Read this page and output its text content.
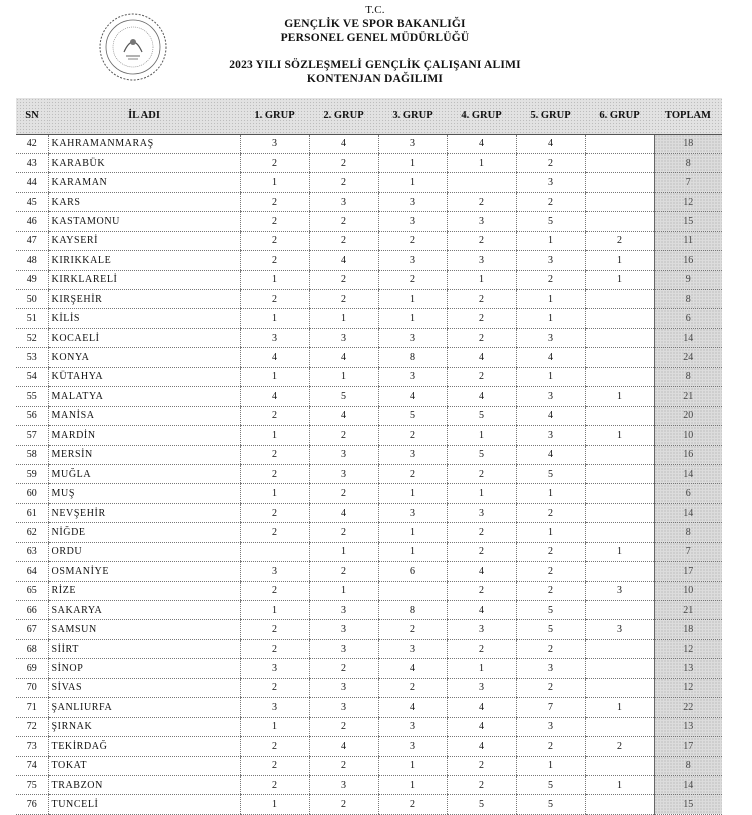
T.C.
GENÇLİK VE SPOR BAKANLIĞI
PERSONEL GENEL MÜDÜRLÜĞÜ
2023 YILI SÖZLEŞMELİ GENÇLİK ÇALIŞANI ALIMI
KONTENJAN DAĞILIMI
SN	İL ADI	1. GRUP	2. GRUP	3. GRUP	4. GRUP	5. GRUP	6. GRUP	TOPLAM
42	KAHRAMANMARAŞ	3	4	3	4	4		18
43	KARABÜK	2	2	1	1	2		8
44	KARAMAN	1	2	1		3		7
45	KARS	2	3	3	2	2		12
46	KASTAMONU	2	2	3	3	5		15
47	KAYSERİ	2	2	2	2	1	2	11
48	KIRIKKALE	2	4	3	3	3	1	16
49	KIRKLARELİ	1	2	2	1	2	1	9
50	KIRŞEHİR	2	2	1	2	1		8
51	KİLİS	1	1	1	2	1		6
52	KOCAELİ	3	3	3	2	3		14
53	KONYA	4	4	8	4	4		24
54	KÜTAHYA	1	1	3	2	1		8
55	MALATYA	4	5	4	4	3	1	21
56	MANİSA	2	4	5	5	4		20
57	MARDİN	1	2	2	1	3	1	10
58	MERSİN	2	3	3	5	4		16
59	MUĞLA	2	3	2	2	5		14
60	MUŞ	1	2	1	1	1		6
61	NEVŞEHİR	2	4	3	3	2		14
62	NİĞDE	2	2	1	2	1		8
63	ORDU		1	1	2	2	1	7
64	OSMANİYE	3	2	6	4	2		17
65	RİZE	2	1		2	2	3	10
66	SAKARYA	1	3	8	4	5		21
67	SAMSUN	2	3	2	3	5	3	18
68	SİİRT	2	3	3	2	2		12
69	SİNOP	3	2	4	1	3		13
70	SİVAS	2	3	2	3	2		12
71	ŞANLIURFA	3	3	4	4	7	1	22
72	ŞIRNAK	1	2	3	4	3		13
73	TEKİRDAĞ	2	4	3	4	2	2	17
74	TOKAT	2	2	1	2	1		8
75	TRABZON	2	3	1	2	5	1	14
76	TUNCELİ	1	2	2	5	5		15
